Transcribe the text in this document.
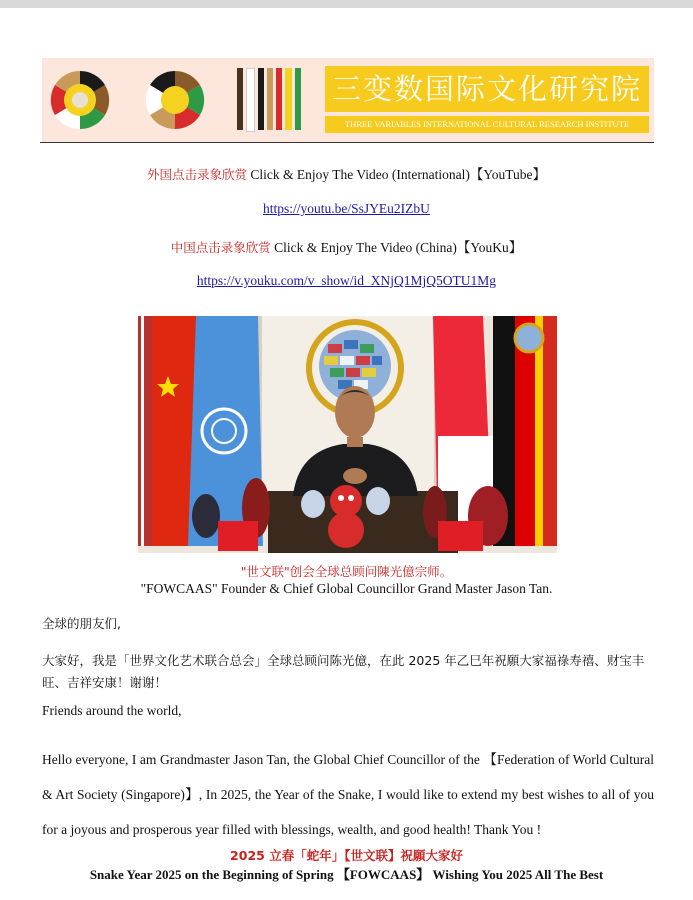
三变数国际文化研究院
THREE VARIABLES INTERNATIONAL CULTURAL RESEARCH INSTITUTE
外国点击录象欣赏 Click & Enjoy The Video (International)【YouTube】
https://youtu.be/SsJYEu2IZbU
中国点击录象欣赏 Click & Enjoy The Video (China)【YouKu】
https://v.youku.com/v_show/id_XNjQ1MjQ5OTU1Mg
"世文联"创会全球总顾问陳光億宗师。
"FOWCAAS" Founder & Chief Global Councillor Grand Master Jason Tan.
全球的朋友们,
大家好，我是「世界文化艺术联合总会」全球总顾问陈光億，在此 2025 年乙巳年祝願大家福祿寿禧、财宝丰旺、吉祥安康！谢谢！
Friends around the world,
Hello everyone, I am Grandmaster Jason Tan, the Global Chief Councillor of the 【Federation of World Cultural & Art Society (Singapore)】, In 2025, the Year of the Snake, I would like to extend my best wishes to all of you for a joyous and prosperous year filled with blessings, wealth, and good health! Thank You !
2025 立春「蛇年」【世文联】祝願大家好
Snake Year 2025 on the Beginning of Spring 【FOWCAAS】 Wishing You 2025 All The Best
